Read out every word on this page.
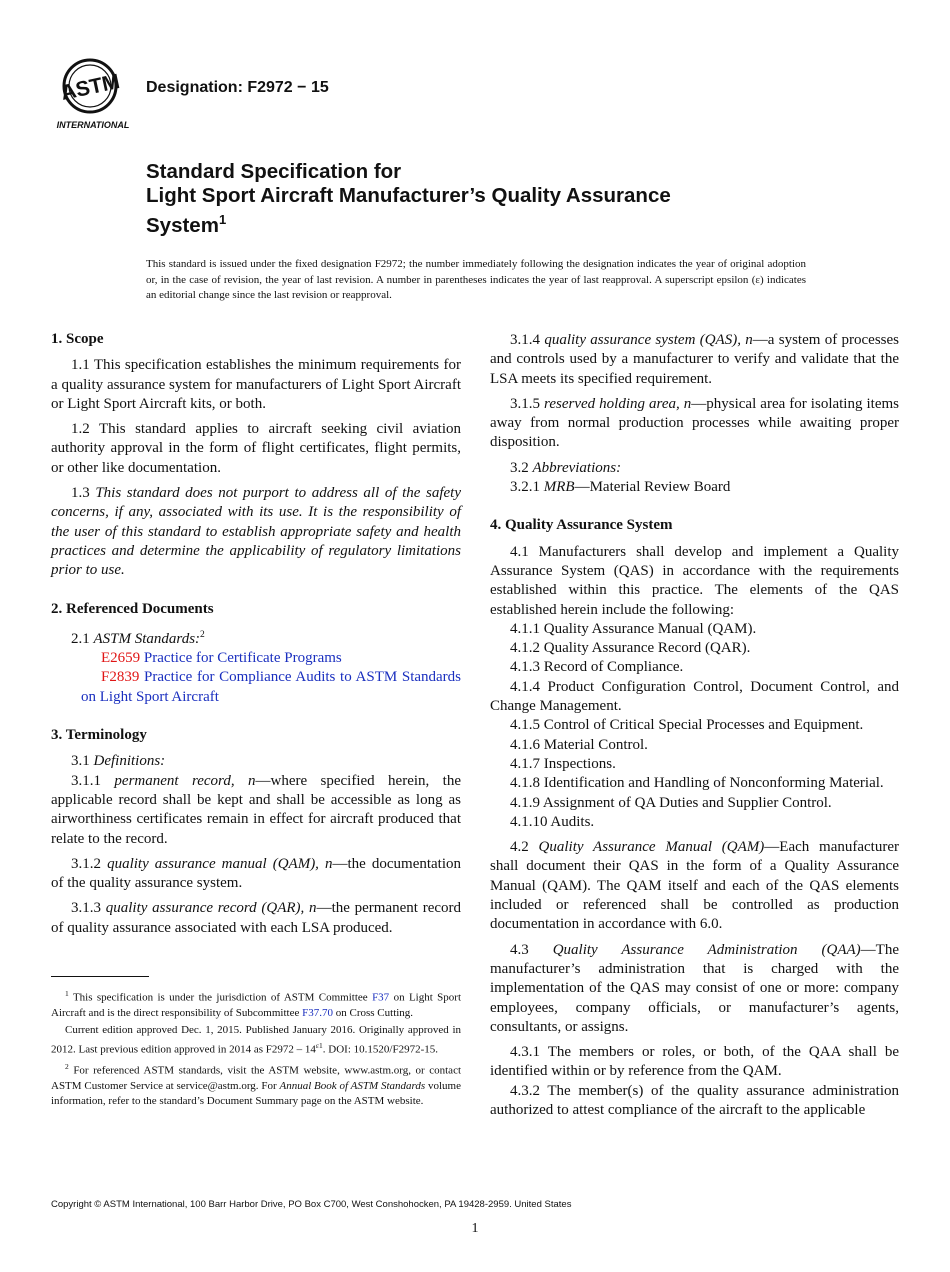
ASTM
INTERNATIONAL
Designation: F2972 − 15
Standard Specification for
Light Sport Aircraft Manufacturer’s Quality Assurance
System$^1$
This standard is issued under the fixed designation F2972; the number immediately following the designation indicates the year of original adoption or, in the case of revision, the year of last revision. A number in parentheses indicates the year of last reapproval. A superscript epsilon (ε) indicates an editorial change since the last revision or reapproval.
1. Scope

1.1 This specification establishes the minimum requirements for a quality assurance system for manufacturers of Light Sport Aircraft or Light Sport Aircraft kits, or both.

1.2 This standard applies to aircraft seeking civil aviation authority approval in the form of flight certificates, flight permits, or other like documentation.

1.3 This standard does not purport to address all of the safety concerns, if any, associated with its use. It is the responsibility of the user of this standard to establish appropriate safety and health practices and determine the applicability of regulatory limitations prior to use.

2. Referenced Documents

2.1 ASTM Standards:$^2$

E2659 Practice for Certificate Programs

F2839 Practice for Compliance Audits to ASTM Standards on Light Sport Aircraft

3. Terminology

3.1 Definitions:

3.1.1 permanent record, n—where specified herein, the applicable record shall be kept and shall be accessible as long as airworthiness certificates remain in effect for aircraft produced that relate to the record.

3.1.2 quality assurance manual (QAM), n—the documentation of the quality assurance system.

3.1.3 quality assurance record (QAR), n—the permanent record of quality assurance associated with each LSA produced.

3.1.4 quality assurance system (QAS), n—a system of processes and controls used by a manufacturer to verify and validate that the LSA meets its specified requirement.

3.1.5 reserved holding area, n—physical area for isolating items away from normal production processes while awaiting proper disposition.

3.2 Abbreviations:

3.2.1 MRB—Material Review Board

4. Quality Assurance System

4.1 Manufacturers shall develop and implement a Quality Assurance System (QAS) in accordance with the requirements established within this practice. The elements of the QAS established herein include the following:

4.1.1 Quality Assurance Manual (QAM).

4.1.2 Quality Assurance Record (QAR).

4.1.3 Record of Compliance.

4.1.4 Product Configuration Control, Document Control, and Change Management.

4.1.5 Control of Critical Special Processes and Equipment.

4.1.6 Material Control.

4.1.7 Inspections.

4.1.8 Identification and Handling of Nonconforming Material.

4.1.9 Assignment of QA Duties and Supplier Control.

4.1.10 Audits.

4.2 Quality Assurance Manual (QAM)—Each manufacturer shall document their QAS in the form of a Quality Assurance Manual (QAM). The QAM itself and each of the QAS elements included or referenced shall be controlled as production documentation in accordance with 6.0.

4.3 Quality Assurance Administration (QAA)—The manufacturer’s administration that is charged with the implementation of the QAS may consist of one or more: company employees, company officials, or manufacturer’s agents, consultants, or assigns.

4.3.1 The members or roles, or both, of the QAA shall be identified within or by reference from the QAM.

4.3.2 The member(s) of the quality assurance administration authorized to attest compliance of the aircraft to the applicable

$^1$ This specification is under the jurisdiction of ASTM Committee F37 on Light Sport Aircraft and is the direct responsibility of Subcommittee F37.70 on Cross Cutting.

Current edition approved Dec. 1, 2015. Published January 2016. Originally approved in 2012. Last previous edition approved in 2014 as $F2972 - 14^{\varepsilon 1}$. DOI: 10.1520/F2972-15.

$^2$ For referenced ASTM standards, visit the ASTM website, www.astm.org, or contact ASTM Customer Service at service@astm.org. For Annual Book of ASTM Standards volume information, refer to the standard’s Document Summary page on the ASTM website.

Copyright © ASTM International, 100 Barr Harbor Drive, PO Box C700, West Conshohocken, PA 19428-2959. United States
1
